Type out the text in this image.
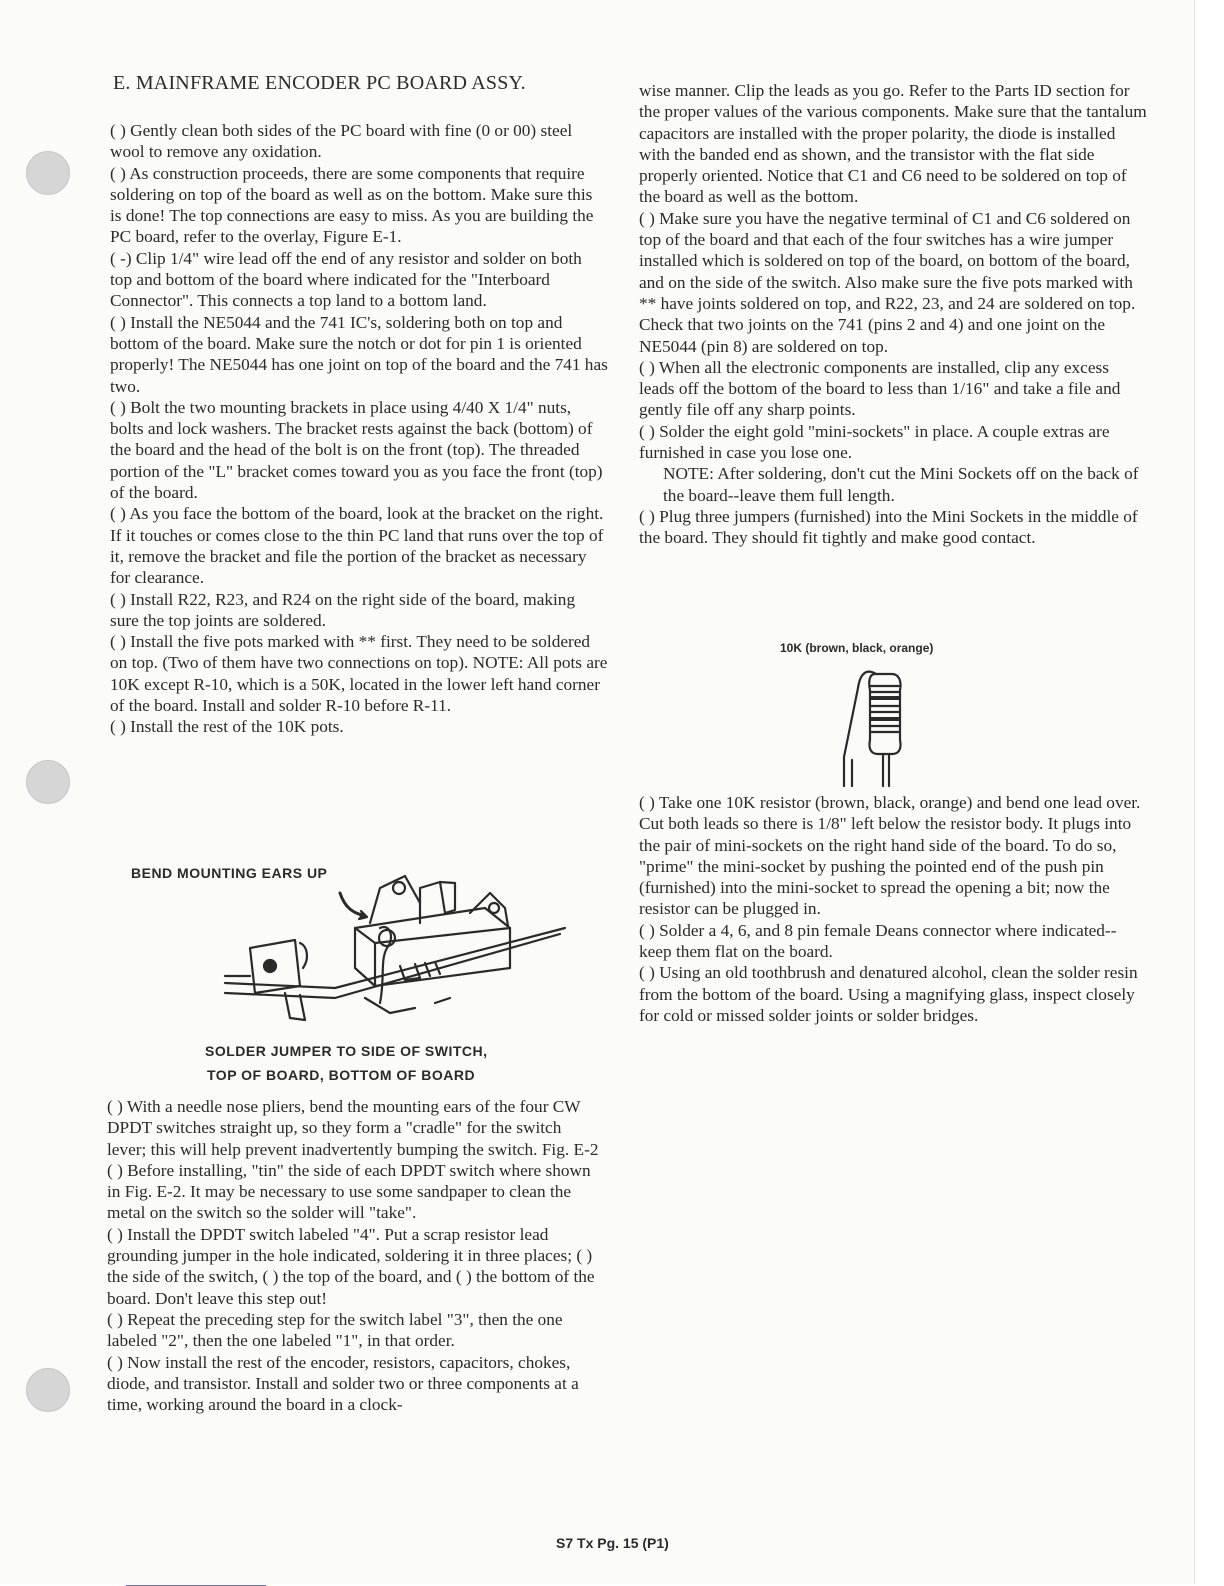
E. MAINFRAME ENCODER PC BOARD ASSY.

( ) Gently clean both sides of the PC board with fine (0 or 00) steel wool to remove any oxidation.

( ) As construction proceeds, there are some components that require soldering on top of the board as well as on the bottom. Make sure this is done! The top connections are easy to miss. As you are building the PC board, refer to the overlay, Figure E-1.

( -) Clip 1/4" wire lead off the end of any resistor and solder on both top and bottom of the board where indicated for the "Interboard Connector". This connects a top land to a bottom land.

( ) Install the NE5044 and the 741 IC's, soldering both on top and bottom of the board. Make sure the notch or dot for pin 1 is oriented properly! The NE5044 has one joint on top of the board and the 741 has two.

( ) Bolt the two mounting brackets in place using 4/40 X 1/4" nuts, bolts and lock washers. The bracket rests against the back (bottom) of the board and the head of the bolt is on the front (top). The threaded portion of the "L" bracket comes toward you as you face the front (top) of the board.

( ) As you face the bottom of the board, look at the bracket on the right. If it touches or comes close to the thin PC land that runs over the top of it, remove the bracket and file the portion of the bracket as necessary for clearance.

( ) Install R22, R23, and R24 on the right side of the board, making sure the top joints are soldered.

( ) Install the five pots marked with ** first. They need to be soldered on top. (Two of them have two connections on top). NOTE: All pots are 10K except R-10, which is a 50K, located in the lower left hand corner of the board. Install and solder R-10 before R-11.

( ) Install the rest of the 10K pots.

BEND MOUNTING EARS UP
SOLDER JUMPER TO SIDE OF SWITCH,
TOP OF BOARD, BOTTOM OF BOARD

( ) With a needle nose pliers, bend the mounting ears of the four CW DPDT switches straight up, so they form a "cradle" for the switch lever; this will help prevent inadvertently bumping the switch. Fig. E-2

( ) Before installing, "tin" the side of each DPDT switch where shown in Fig. E-2. It may be necessary to use some sandpaper to clean the metal on the switch so the solder will "take".

( ) Install the DPDT switch labeled "4". Put a scrap resistor lead grounding jumper in the hole indicated, soldering it in three places; ( ) the side of the switch, ( ) the top of the board, and ( ) the bottom of the board. Don't leave this step out!

( ) Repeat the preceding step for the switch label "3", then the one labeled "2", then the one labeled "1", in that order.

( ) Now install the rest of the encoder, resistors, capacitors, chokes, diode, and transistor. Install and solder two or three components at a time, working around the board in a clock-

wise manner. Clip the leads as you go. Refer to the Parts ID section for the proper values of the various components. Make sure that the tantalum capacitors are installed with the proper polarity, the diode is installed with the banded end as shown, and the transistor with the flat side properly oriented. Notice that C1 and C6 need to be soldered on top of the board as well as the bottom.

( ) Make sure you have the negative terminal of C1 and C6 soldered on top of the board and that each of the four switches has a wire jumper installed which is soldered on top of the board, on bottom of the board, and on the side of the switch. Also make sure the five pots marked with ** have joints soldered on top, and R22, 23, and 24 are soldered on top. Check that two joints on the 741 (pins 2 and 4) and one joint on the NE5044 (pin 8) are soldered on top.

( ) When all the electronic components are installed, clip any excess leads off the bottom of the board to less than 1/16" and take a file and gently file off any sharp points.

( ) Solder the eight gold "mini-sockets" in place. A couple extras are furnished in case you lose one.

NOTE: After soldering, don't cut the Mini Sockets off on the back of the board--leave them full length.

( ) Plug three jumpers (furnished) into the Mini Sockets in the middle of the board. They should fit tightly and make good contact.

10K (brown, black, orange)

( ) Take one 10K resistor (brown, black, orange) and bend one lead over. Cut both leads so there is 1/8" left below the resistor body. It plugs into the pair of mini-sockets on the right hand side of the board. To do so, "prime" the mini-socket by pushing the pointed end of the push pin (furnished) into the mini-socket to spread the opening a bit; now the resistor can be plugged in.

( ) Solder a 4, 6, and 8 pin female Deans connector where indicated--keep them flat on the board.

( ) Using an old toothbrush and denatured alcohol, clean the solder resin from the bottom of the board. Using a magnifying glass, inspect closely for cold or missed solder joints or solder bridges.

S7 Tx Pg. 15 (P1)
